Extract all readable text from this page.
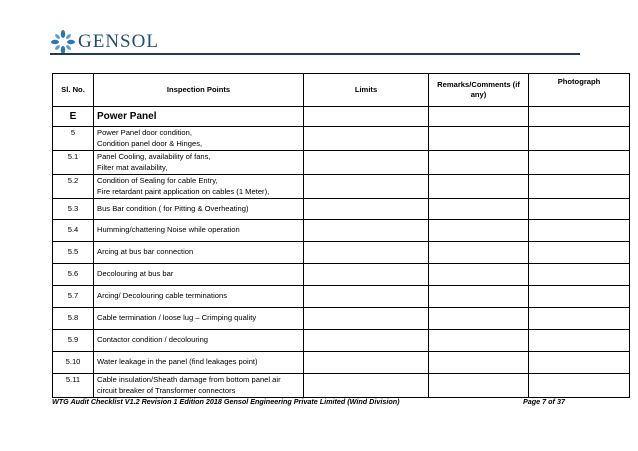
GENSOL
Sl. No.	Inspection Points	Limits	Remarks/Comments (if any)	Photograph
E	Power Panel			
5	Power Panel door condition,
Condition panel door & Hinges,			

5.1	Panel Cooling, availability of fans,
Filter mat availability,			

5.2	Condition of Sealing for cable Entry,
Fire retardant paint application on cables (1 Meter),			

5.3	Bus Bar condition ( for Pitting & Overheating)			

5.4	Humming/chattering Noise while operation			

5.5	Arcing at bus bar connection			

5.6	Decolouring at bus bar			

5.7	Arcing/ Decolouring cable terminations			

5.8	Cable termination / loose lug – Crimping quality			

5.9	Contactor condition / decolouring			

5.10	Water leakage in the panel (find leakages point)			

5.11	Cable insulation/Sheath damage from bottom panel air
circuit breaker of Transformer connectors			

WTG Audit Checklist V1.2 Revision 1 Edition 2018 Gensol Engineering Private Limited (Wind Division)	Page 7 of 37
